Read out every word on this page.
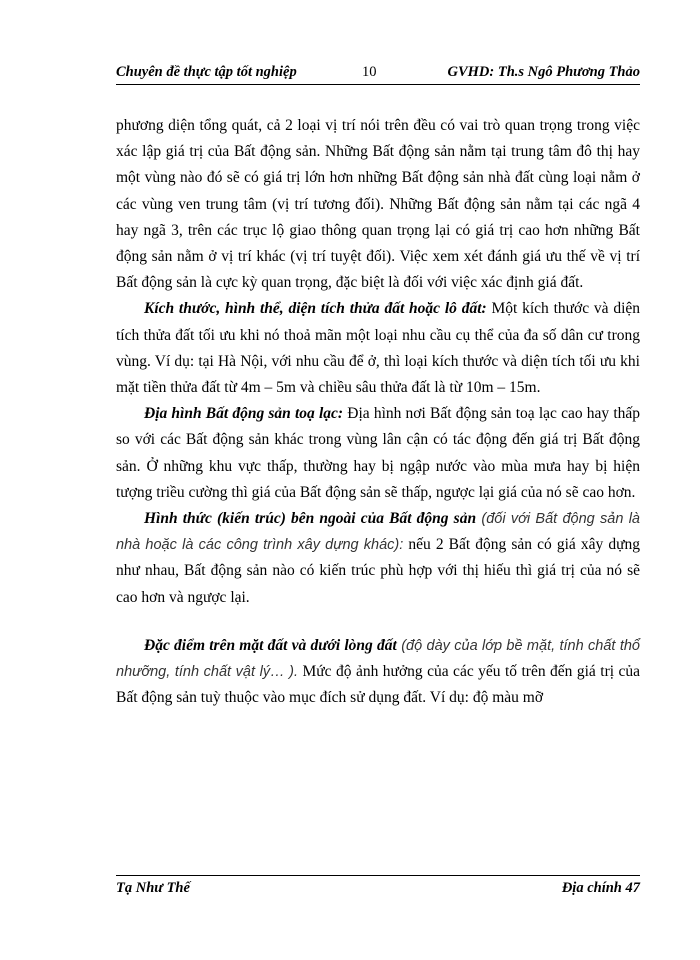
Chuyên đề thực tập tốt nghiệp	10	GVHD: Th.s Ngô Phương Thảo

phương diện tổng quát, cả 2 loại vị trí nói trên đều có vai trò quan trọng trong việc xác lập giá trị của Bất động sản. Những Bất động sản nằm tại trung tâm đô thị hay một vùng nào đó sẽ có giá trị lớn hơn những Bất động sản nhà đất cùng loại nằm ở các vùng ven trung tâm (vị trí tương đối). Những Bất động sản nằm tại các ngã 4 hay ngã 3, trên các trục lộ giao thông quan trọng lại có giá trị cao hơn những Bất động sản nằm ở vị trí khác (vị trí tuyệt đối). Việc xem xét đánh giá ưu thế về vị trí Bất động sản là cực kỳ quan trọng, đặc biệt là đối với việc xác định giá đất.

Kích thước, hình thể, diện tích thửa đất hoặc lô đất: Một kích thước và diện tích thửa đất tối ưu khi nó thoả mãn một loại nhu cầu cụ thể của đa số dân cư trong vùng. Ví dụ: tại Hà Nội, với nhu cầu để ở, thì loại kích thước và diện tích tối ưu khi mặt tiền thửa đất từ 4m – 5m và chiều sâu thửa đất là từ 10m – 15m.

Địa hình Bất động sản toạ lạc: Địa hình nơi Bất động sản toạ lạc cao hay thấp so với các Bất động sản khác trong vùng lân cận có tác động đến giá trị Bất động sản. Ở những khu vực thấp, thường hay bị ngập nước vào mùa mưa hay bị hiện tượng triều cường thì giá của Bất động sản sẽ thấp, ngược lại giá của nó sẽ cao hơn.

Hình thức (kiến trúc) bên ngoài của Bất động sản (đối với Bất động sản là nhà hoặc là các công trình xây dựng khác): nếu 2 Bất động sản có giá xây dựng như nhau, Bất động sản nào có kiến trúc phù hợp với thị hiếu thì giá trị của nó sẽ cao hơn và ngược lại.

Đặc điểm trên mặt đất và dưới lòng đất (độ dày của lớp bề mặt, tính chất thổ nhưỡng, tính chất vật lý… ). Mức độ ảnh hưởng của các yếu tố trên đến giá trị của Bất động sản tuỳ thuộc vào mục đích sử dụng đất. Ví dụ: độ màu mỡ

Tạ Như Thế	Địa chính 47
